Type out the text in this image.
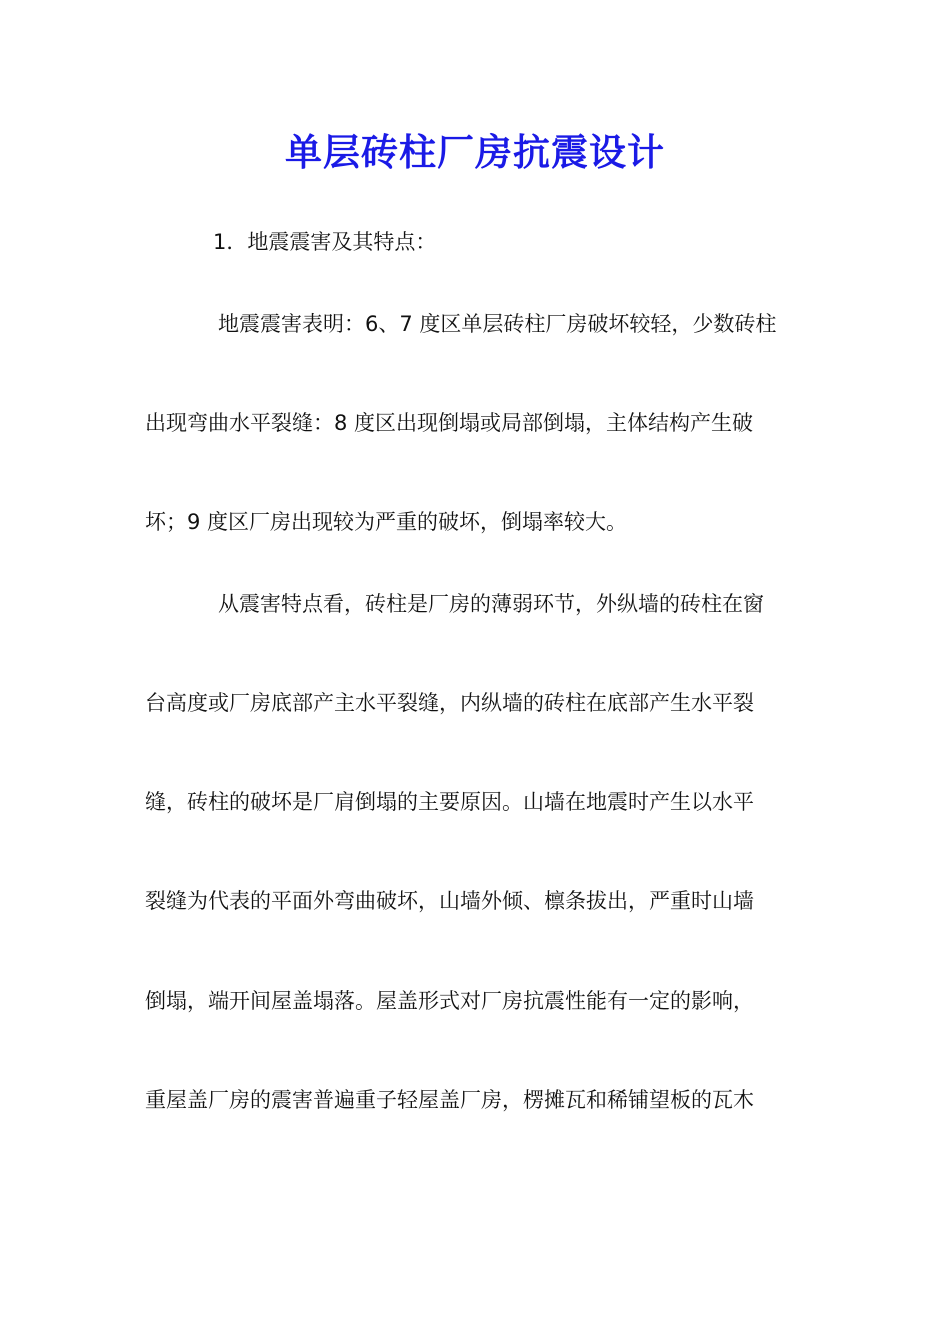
单层砖柱厂房抗震设计
1．地震震害及其特点：
地震震害表明：6、7 度区单层砖柱厂房破坏较轻，少数砖柱
出现弯曲水平裂缝：8 度区出现倒塌或局部倒塌，主体结构产生破
坏；9 度区厂房出现较为严重的破坏，倒塌率较大。
从震害特点看，砖柱是厂房的薄弱环节，外纵墙的砖柱在窗
台高度或厂房底部产主水平裂缝，内纵墙的砖柱在底部产生水平裂
缝，砖柱的破坏是厂肩倒塌的主要原因。山墙在地震时产生以水平
裂缝为代表的平面外弯曲破坏，山墙外倾、檩条拔出，严重时山墙
倒塌，端开间屋盖塌落。屋盖形式对厂房抗震性能有一定的影响，
重屋盖厂房的震害普遍重子轻屋盖厂房，楞摊瓦和稀铺望板的瓦木
